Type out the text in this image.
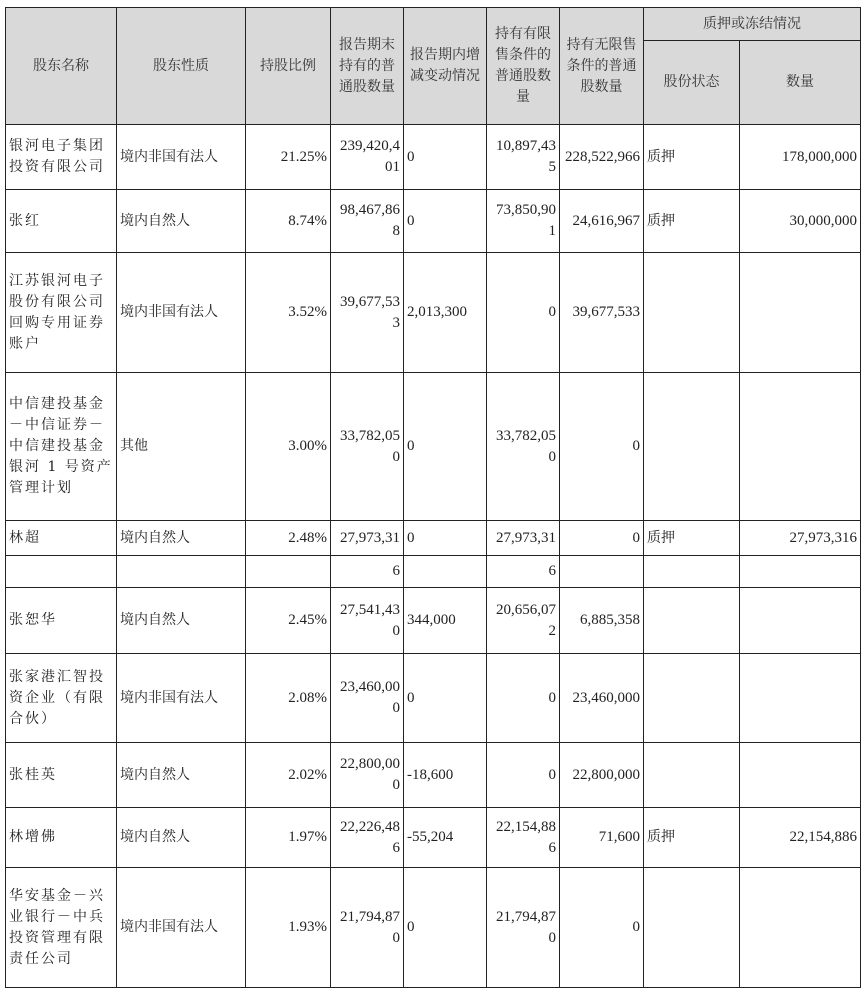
股东名称	股东性质	持股比例	报告期末持有的普通股数量	报告期内增减变动情况	持有有限售条件的普通股数量	持有无限售条件的普通股数量	质押或冻结情况	
							股份状态	数量
银河电子集团投资有限公司	境内非国有法人	21.25%	239,420,401	0	10,897,435	228,522,966	质押	178,000,000
张红	境内自然人	8.74%	98,467,868	0	73,850,901	24,616,967	质押	30,000,000
江苏银河电子股份有限公司回购专用证券账户	境内非国有法人	3.52%	39,677,533	2,013,300	0	39,677,533		
中信建投基金－中信证券－中信建投基金银河 1 号资产管理计划	其他	3.00%	33,782,050	0	33,782,050	0		
林超	境内自然人	2.48%	27,973,31	0	27,973,31	0	质押	27,973,316
			6		6			
张恕华	境内自然人	2.45%	27,541,430	344,000	20,656,072	6,885,358		
张家港汇智投资企业（有限合伙）	境内非国有法人	2.08%	23,460,000	0	0	23,460,000		
张桂英	境内自然人	2.02%	22,800,000	-18,600	0	22,800,000		
林增佛	境内自然人	1.97%	22,226,486	-55,204	22,154,886	71,600	质押	22,154,886
华安基金－兴业银行－中兵投资管理有限责任公司	境内非国有法人	1.93%	21,794,870	0	21,794,870	0		
